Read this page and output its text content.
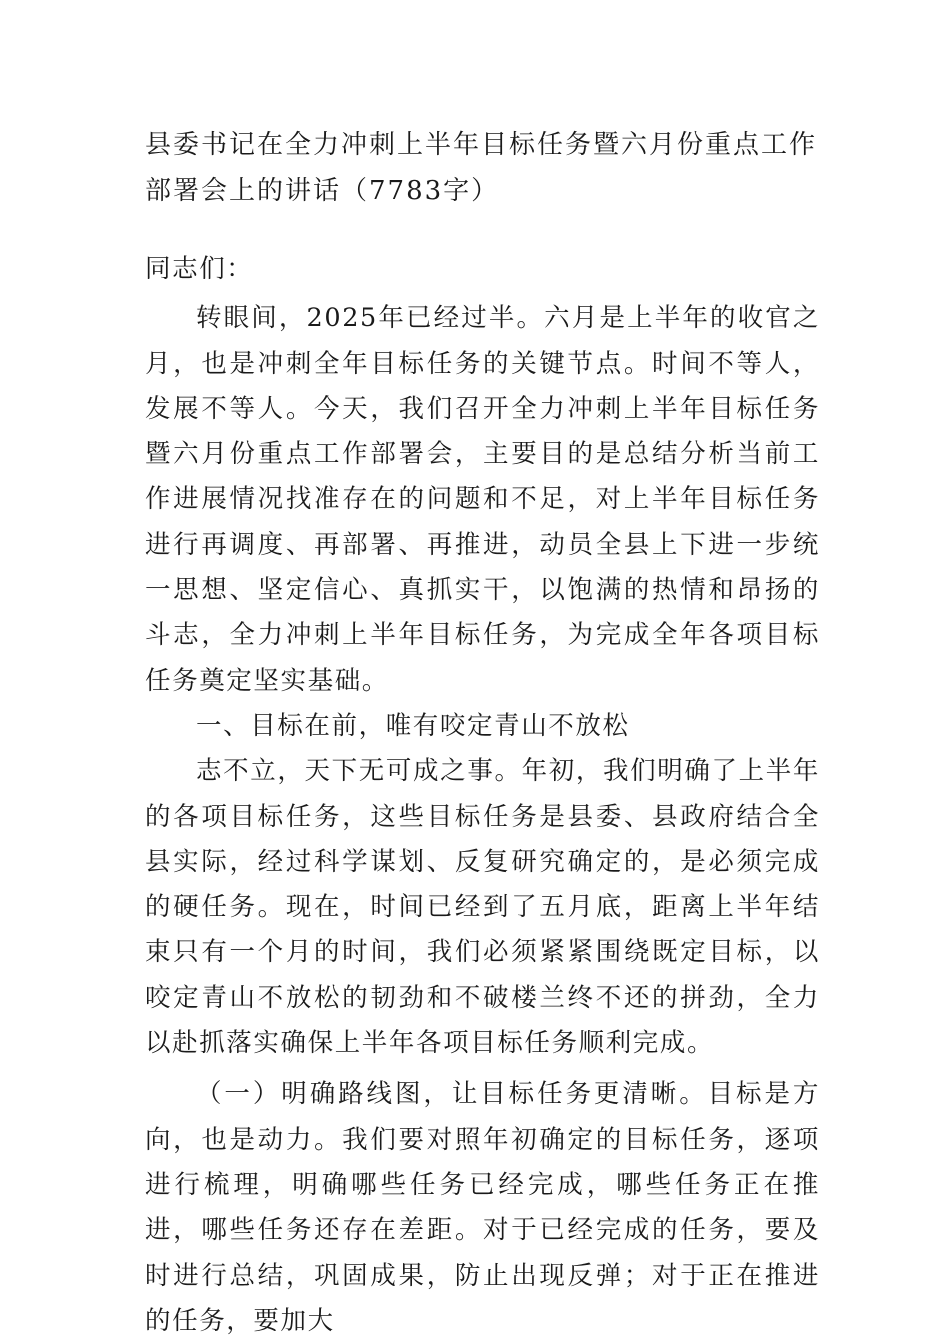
县委书记在全力冲刺上半年目标任务暨六月份重点工作部署会上的讲话（7783字）

同志们：

转眼间，2025年已经过半。六月是上半年的收官之月，也是冲刺全年目标任务的关键节点。时间不等人，发展不等人。今天，我们召开全力冲刺上半年目标任务暨六月份重点工作部署会，主要目的是总结分析当前工作进展情况找准存在的问题和不足，对上半年目标任务进行再调度、再部署、再推进，动员全县上下进一步统一思想、坚定信心、真抓实干，以饱满的热情和昂扬的斗志，全力冲刺上半年目标任务，为完成全年各项目标任务奠定坚实基础。

一、目标在前，唯有咬定青山不放松

志不立，天下无可成之事。年初，我们明确了上半年的各项目标任务，这些目标任务是县委、县政府结合全县实际，经过科学谋划、反复研究确定的，是必须完成的硬任务。现在，时间已经到了五月底，距离上半年结束只有一个月的时间，我们必须紧紧围绕既定目标，以咬定青山不放松的韧劲和不破楼兰终不还的拼劲，全力以赴抓落实确保上半年各项目标任务顺利完成。

（一）明确路线图，让目标任务更清晰。目标是方向，也是动力。我们要对照年初确定的目标任务，逐项进行梳理，明确哪些任务已经完成，哪些任务正在推进，哪些任务还存在差距。对于已经完成的任务，要及时进行总结，巩固成果，防止出现反弹；对于正在推进的任务，要加大
